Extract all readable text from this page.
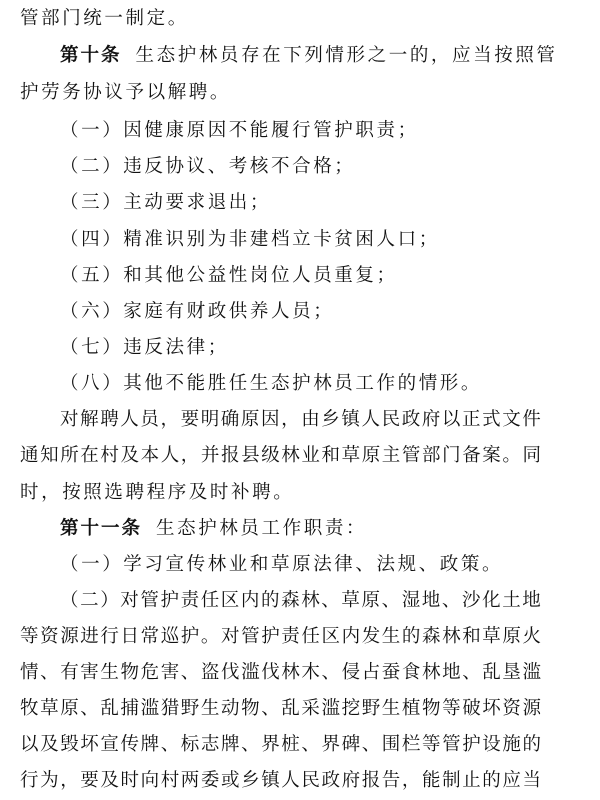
管部门统一制定。
第十条 生态护林员存在下列情形之一的，应当按照管
护劳务协议予以解聘。
（一）因健康原因不能履行管护职责；
（二）违反协议、考核不合格；
（三）主动要求退出；
（四）精准识别为非建档立卡贫困人口；
（五）和其他公益性岗位人员重复；
（六）家庭有财政供养人员；
（七）违反法律；
（八）其他不能胜任生态护林员工作的情形。
对解聘人员，要明确原因，由乡镇人民政府以正式文件
通知所在村及本人，并报县级林业和草原主管部门备案。同
时，按照选聘程序及时补聘。
第十一条 生态护林员工作职责：
（一）学习宣传林业和草原法律、法规、政策。
（二）对管护责任区内的森林、草原、湿地、沙化土地
等资源进行日常巡护。对管护责任区内发生的森林和草原火
情、有害生物危害、盗伐滥伐林木、侵占蚕食林地、乱垦滥
牧草原、乱捕滥猎野生动物、乱采滥挖野生植物等破坏资源
以及毁坏宣传牌、标志牌、界桩、界碑、围栏等管护设施的
行为，要及时向村两委或乡镇人民政府报告，能制止的应当
